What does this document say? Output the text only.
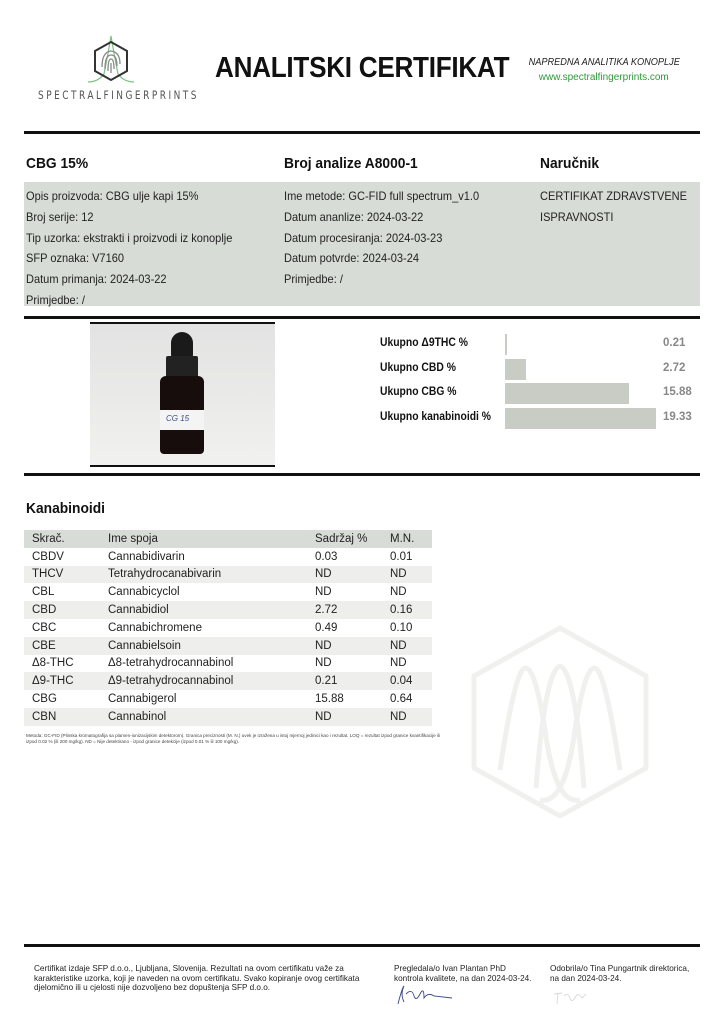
SPECTRALFINGERPRINTS
ANALITSKI CERTIFIKAT NAPREDNA ANALITIKA KONOPLJE
www.spectralfingerprints.com
CBG 15%	Broj analize A8000-1	Naručnik
Opis proizvoda: CBG ulje kapi 15%
Broj serije: 12
Tip uzorka: ekstrakti i proizvodi iz konoplje
SFP oznaka: V7160
Datum primanja: 2024-03-22
Primjedbe: /
Ime metode: GC-FID full spectrum_v1.0
Datum ananlize: 2024-03-22
Datum procesiranja: 2024-03-23
Datum potvrde: 2024-03-24
Primjedbe: /
CERTIFIKAT ZDRAVSTVENE
ISPRAVNOSTI
CG 15
Ukupno Δ9THC %	0.21
Ukupno CBD %	2.72
Ukupno CBG %	15.88
Ukupno kanabinoidi %	19.33
Kanabinoidi
Skrač.	Ime spoja	Sadržaj %	M.N.
CBDV	Cannabidivarin	0.03	0.01
THCV	Tetrahydrocanabivarin	ND	ND
CBL	Cannabicyclol	ND	ND
CBD	Cannabidiol	2.72	0.16
CBC	Cannabichromene	0.49	0.10
CBE	Cannabielsoin	ND	ND
Δ8-THC	Δ8-tetrahydrocannabinol	ND	ND
Δ9-THC	Δ9-tetrahydrocannabinol	0.21	0.04
CBG	Cannabigerol	15.88	0.64
CBN	Cannabinol	ND	ND
Metoda: GC-FID (Plinska kromatografija sa plamen-ionizacijskim detektorom). Granica preciznosti (M. N.) uvek je izražena u istoj mjernoj jedinici kao i rezultat. LOQ = rezultat izpod granice kvantifikacije ili izpod 0.02 % (ili 200 mg/kg). ND = Nije detektirano - izpod granice detekcije (izpod 0.01 % ili 100 mg/kg).
Certifikat izdaje SFP d.o.o., Ljubljana, Slovenija. Rezultati na ovom certifikatu važe za karakteristike uzorka, koji je naveden na ovom certifikatu. Svako kopiranje ovog certifikata djelomično ili u cjelosti nije dozvoljeno bez dopuštenja SFP d.o.o.
Pregledala/o Ivan Plantan PhD kontrola kvalitete, na dan 2024-03-24.
Odobrila/o Tina Pungartnik direktorica, na dan 2024-03-24.
